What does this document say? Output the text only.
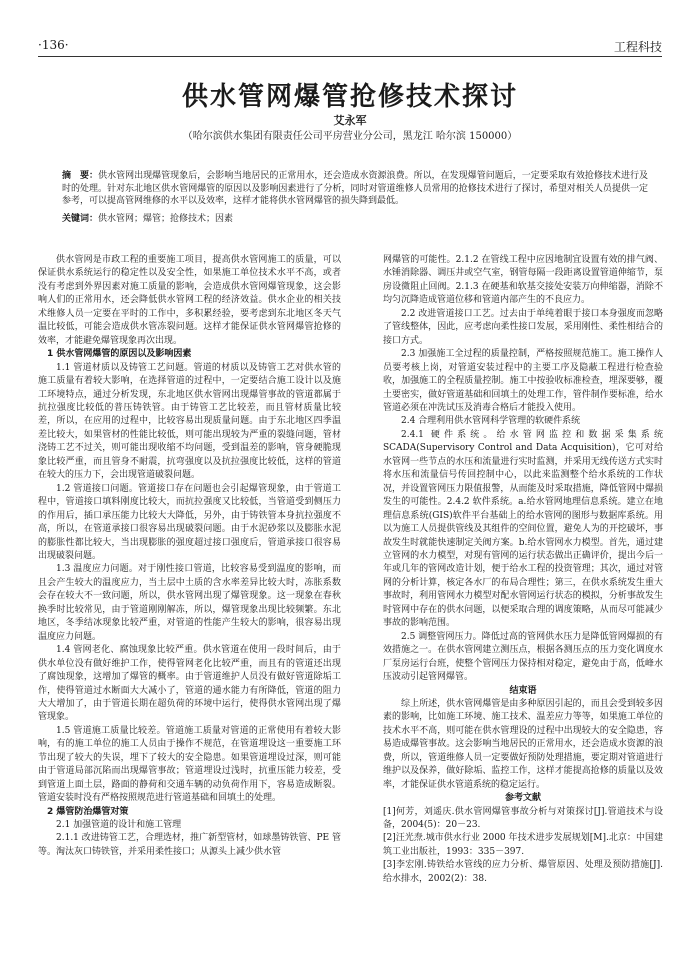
·136·	工程科技
供水管网爆管抢修技术探讨
艾永军
（哈尔滨供水集团有限责任公司平房营业分公司，黑龙江 哈尔滨 150000）
摘　要：供水管网出现爆管现象后，会影响当地居民的正常用水，还会造成水资源浪费。所以，在发现爆管问题后，一定要采取有效抢修技术进行及时的处理。针对东北地区供水管网爆管的原因以及影响因素进行了分析，同时对管道维修人员常用的抢修技术进行了探讨，希望对相关人员提供一定参考，可以提高管网维修的水平以及效率，这样才能将供水管网爆管的损失降到最低。
关键词：供水管网；爆管；抢修技术；因素

供水管网是市政工程的重要施工项目，提高供水管网施工的质量，可以保证供水系统运行的稳定性以及安全性，如果施工单位技术水平不高，或者没有考虑到外界因素对施工质量的影响，会造成供水管网爆管现象，这会影响人们的正常用水，还会降低供水管网工程的经济效益。供水企业的相关技术维修人员一定要在平时的工作中，多积累经验，要考虑到东北地区冬天气温比较低，可能会造成供水管冻裂问题。这样才能保证供水管网爆管抢修的效率，才能避免爆管现象再次出现。

1 供水管网爆管的原因以及影响因素

1.1 管道材质以及铸管工艺问题。管道的材质以及铸管工艺对供水管的施工质量有着较大影响，在选择管道的过程中，一定要结合施工设计以及施工环境特点，通过分析发现，东北地区供水管网出现爆管事故的管道都属于抗拉强度比较低的普压铸铁管。由于铸管工艺比较差，而且管材质量比较差，所以，在应用的过程中，比较容易出现质量问题。由于东北地区四季温差比较大，如果管材的性能比较低，则可能出现较为严重的裂缝问题，管材浇铸工艺不过关，则可能出现收缩不均问题，受到温差的影响，管身硬脆现象比较严重，而且管身不耐震，抗弯强度以及抗拉强度比较低，这样的管道在较大的压力下，会出现管道破裂问题。

1.2 管道接口问题。管道接口存在问题也会引起爆管现象，由于管道工程中，管道接口填料刚度比较大，而抗拉强度又比较低，当管道受到侧压力的作用后，插口承压能力比较大大降低，另外，由于铸铁管本身抗拉强度不高，所以，在管道承接口很容易出现破裂问题。由于水泥砂浆以及膨胀水泥的膨胀性都比较大，当出现膨胀的强度超过接口强度后，管道承接口很容易出现破裂问题。

1.3 温度应力问题。对于刚性接口管道，比较容易受到温度的影响，而且会产生较大的温度应力，当土层中土质的含水率差异比较大时，冻胀系数会存在较大不一致问题，所以，供水管网出现了爆管现象。这一现象在春秋换季时比较常见，由于管道刚刚解冻，所以，爆管现象出现比较频繁。东北地区，冬季结冰现象比较严重，对管道的性能产生较大的影响，很容易出现温度应力问题。

1.4 管网老化、腐蚀现象比较严重。供水管道在使用一段时间后，由于供水单位没有做好维护工作，使得管网老化比较严重，而且有的管道还出现了腐蚀现象，这增加了爆管的概率。由于管道维护人员没有做好管道除垢工作，使得管道过水断面大大减小了，管道的通水能力有所降低，管道的阻力大大增加了，由于管道长期在超负荷的环境中运行，使得供水管网出现了爆管现象。

1.5 管道施工质量比较差。管道施工质量对管道的正常使用有着较大影响，有的施工单位的施工人员由于操作不规范，在管道埋设这一重要施工环节出现了较大的失误，埋下了较大的安全隐患。如果管道埋设过深，则可能由于管道局部沉陷而出现爆管事故；管道埋设过浅时，抗重压能力较差，受到管道上面土层，路面的静荷和交通车辆的动负荷作用下，容易造成断裂。管道安装时没有严格按照规范进行管道基础和回填土的处理。

2 爆管防治爆管对策

2.1 加强管道的设计和施工管理

2.1.1 改进铸管工艺，合理选材，推广新型管材，如球墨铸铁管、PE 管等。淘汰灰口铸铁管，并采用柔性接口；从源头上减少供水管

网爆管的可能性。2.1.2 在管线工程中应因地制宜设置有效的排气阀、水锤消除器、调压井或空气室，钢管每隔一段距离设置管道伸缩节，泵房设微阻止回阀。2.1.3 在硬基和软基交接处安装万向伸缩器，消除不均匀沉降造成管道位移和管道内部产生的不良应力。

2.2 改进管道接口工艺。过去由于单纯着眼于接口本身强度而忽略了管线整体，因此，应考虑向柔性接口发展，采用刚性、柔性相结合的接口方式。

2.3 加强施工全过程的质量控制，严格按照规范施工。施工操作人员要考核上岗，对管道安装过程中的主要工序及隐蔽工程进行检查验收，加强施工的全程质量控制。施工中按验收标准检查，埋深要够，覆土要密实，做好管道基础和回填土的处理工作，管件制作要标准，给水管道必须在冲洗试压及消毒合格后才能投入使用。

2.4 合理利用供水管网科学管理的软硬件系统

2.4.1 硬件系统。给水管网监控和数据采集系统 SCADA(Supervisory Control and Data Acquisition)，它可对给水管网一些节点的水压和流量进行实时监测，并采用无线传送方式实时将水压和流量信号传回控制中心，以此来监测整个给水系统的工作状况，并设置管网压力限值报警，从而能及时采取措施，降低管网中爆损发生的可能性。2.4.2 软件系统。a.给水管网地理信息系统。建立在地理信息系统(GIS)软件平台基础上的给水管网的图形与数据库系统。用以为施工人员提供管线及其组件的空间位置，避免人为的开挖破坏，事故发生时就能快速制定关阀方案。b.给水管网水力模型。首先，通过建立管网的水力模型，对现有管网的运行状态做出正确评价，提出今后一年或几年的管网改造计划，便于给水工程的投资管理；其次，通过对管网的分析计算，核定各水厂的布局合理性；第三，在供水系统发生重大事故时，利用管网水力模型对配水管网运行状态的模拟，分析事故发生时管网中存在的供水问题，以便采取合理的调度策略，从而尽可能减少事故的影响范围。

2.5 调整管网压力。降低过高的管网供水压力是降低管网爆损的有效措施之一。在供水管网建立测压点，根据各测压点的压力变化调度水厂泵房运行台班，使整个管网压力保持相对稳定，避免由于高，低峰水压波动引起管网爆管。

结束语

综上所述，供水管网爆管是由多种原因引起的，而且会受到较多因素的影响，比如施工环境、施工技术、温差应力等等，如果施工单位的技术水平不高，则可能在供水管理设的过程中出现较大的安全隐患，容易造成爆管事故。这会影响当地居民的正常用水，还会造成水资源的浪费，所以，管道维修人员一定要做好预防处理措施，要定期对管道进行维护以及保养，做好除垢、监控工作，这样才能提高抢修的质量以及效率，才能保证供水管道系统的稳定运行。

参考文献
[1]何芳，刘遥庆.供水管网爆管事故分析与对策探讨[J].管道技术与设备，2004(5)：20－23.
[2]汪光焘.城市供水行业 2000 年技术进步发展规划[M].北京：中国建筑工业出版社，1993：335－397.
[3]李宏刚.铸铁给水管线的应力分析、爆管原因、处理及预防措施[J].给水排水，2002(2)：38.
